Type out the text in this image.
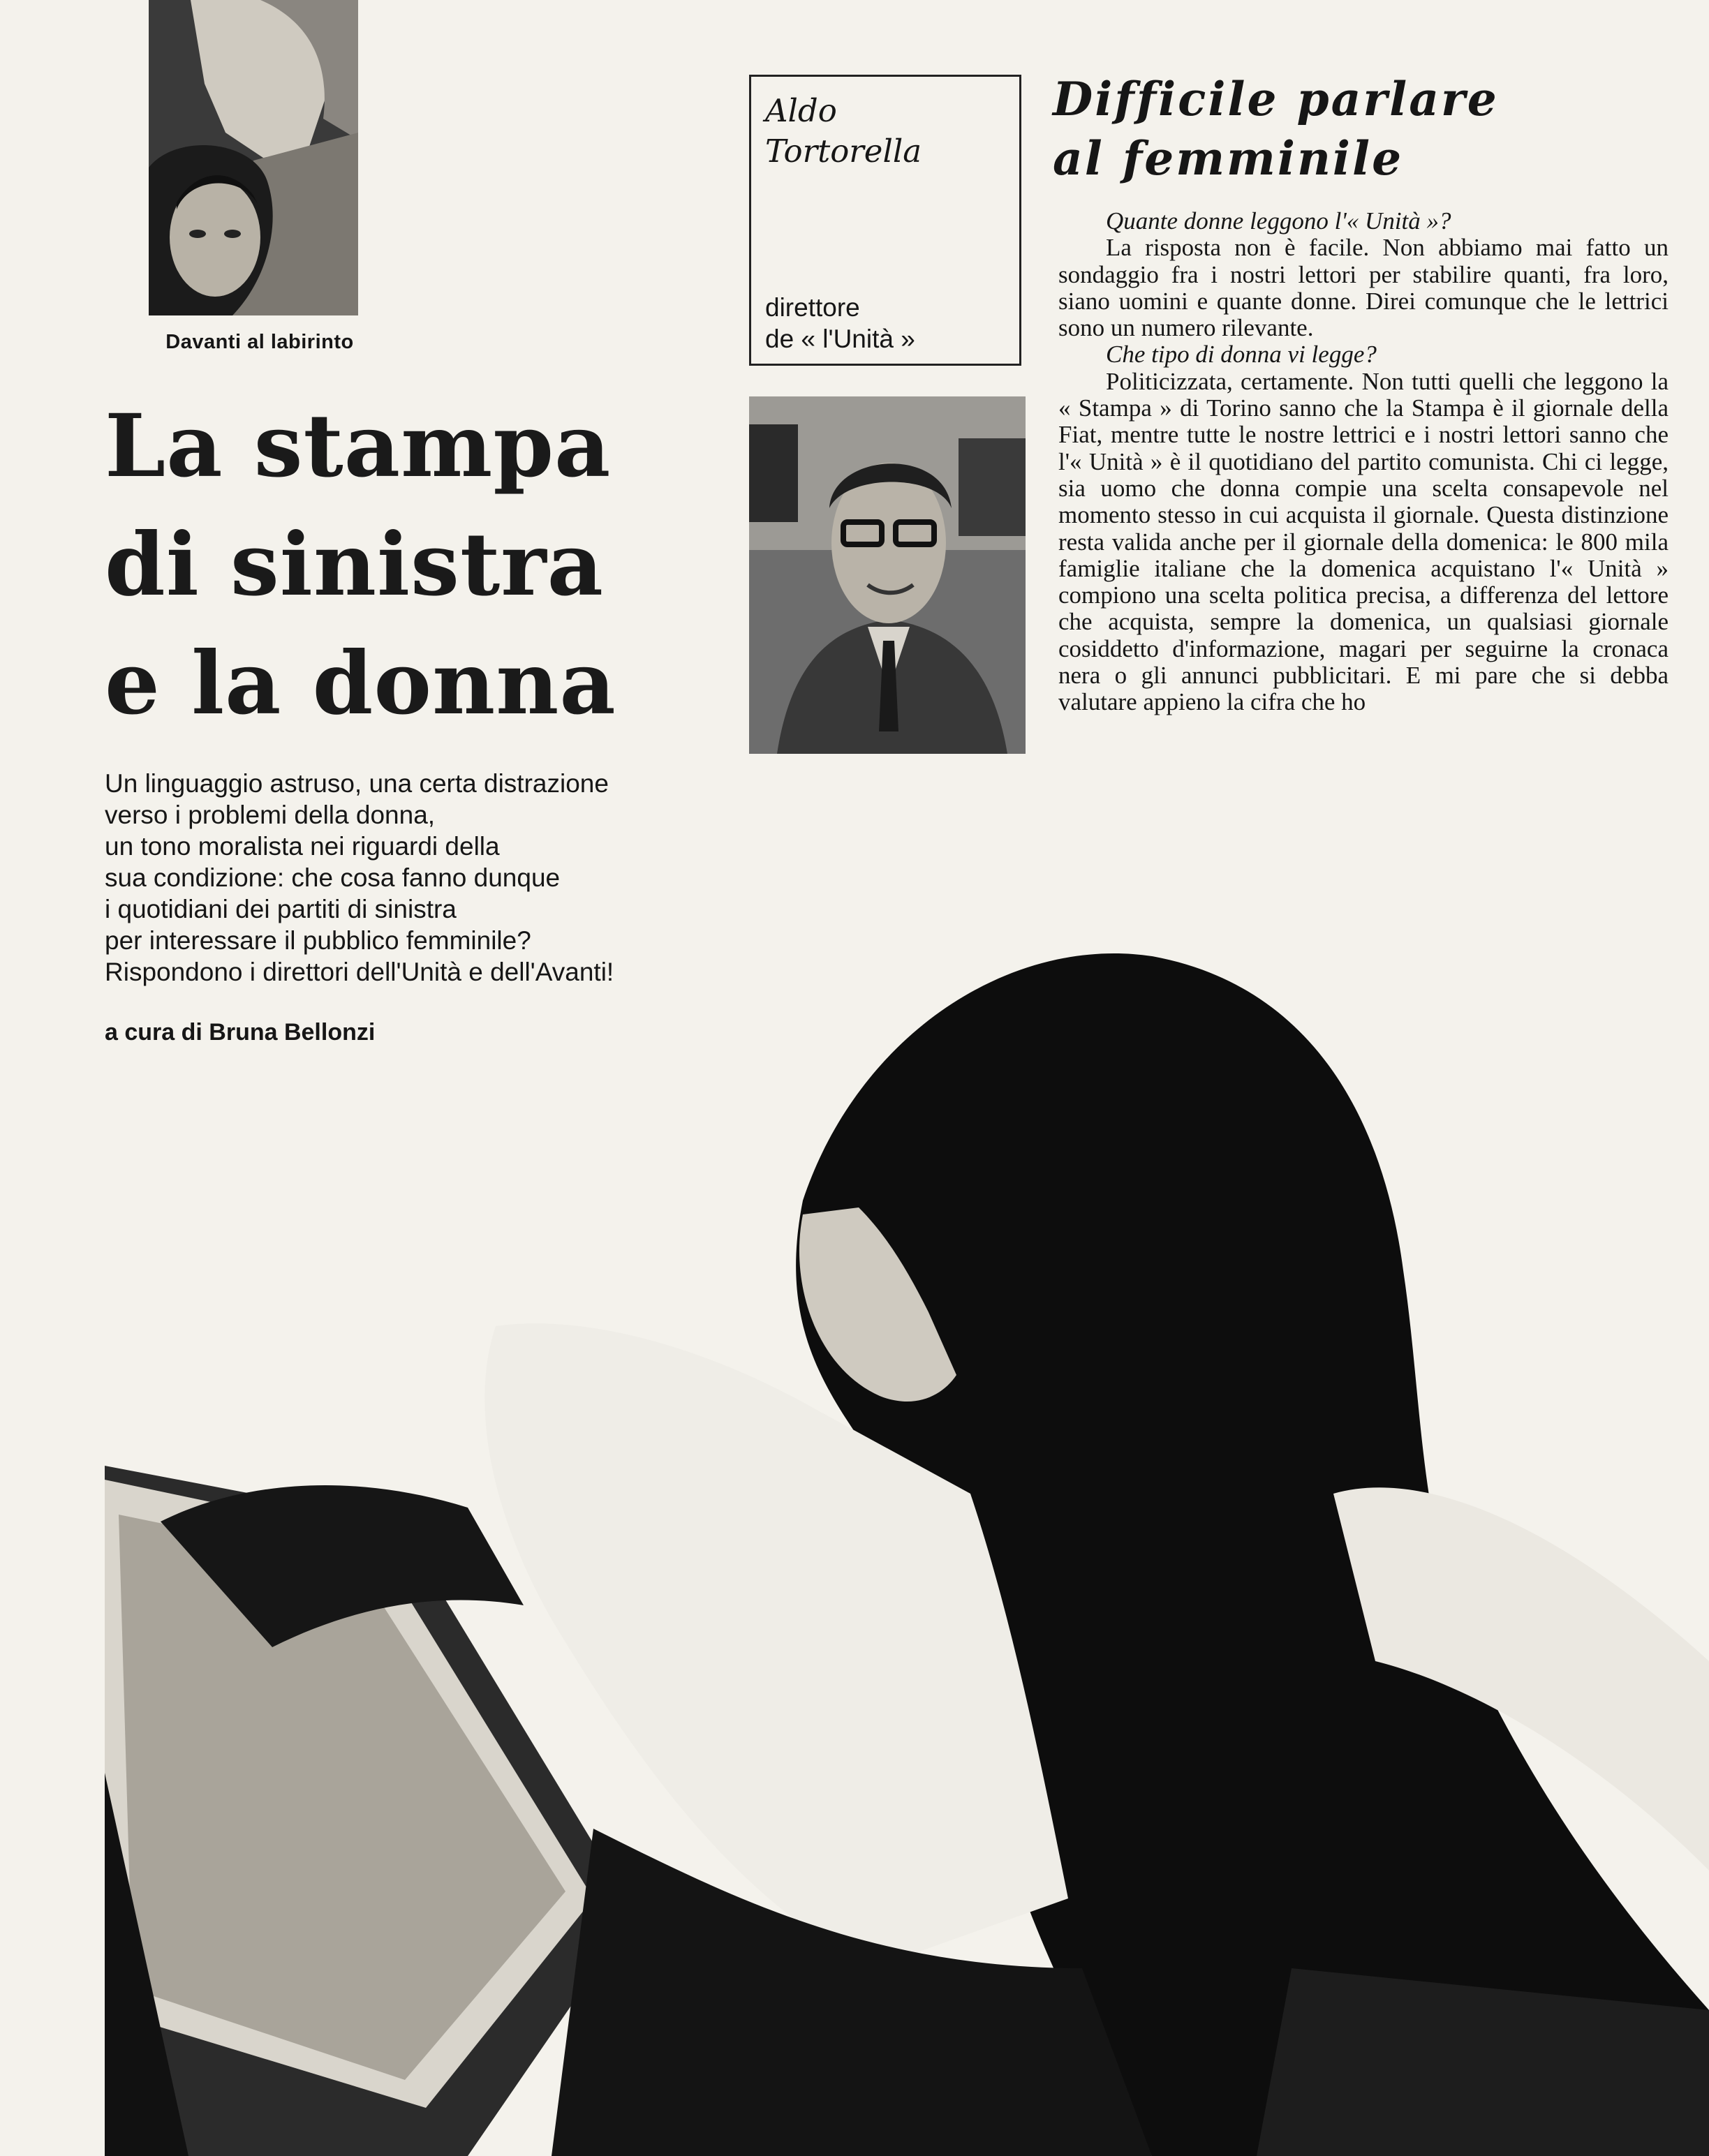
Davanti al labirinto
La stampa
di sinistra
e la donna
Un linguaggio astruso, una certa distrazione
verso i problemi della donna,
un tono moralista nei riguardi della
sua condizione: che cosa fanno dunque
i quotidiani dei partiti di sinistra
per interessare il pubblico femminile?
Rispondono i direttori dell'Unità e dell'Avanti!
a cura di Bruna Bellonzi
Aldo
Tortorella
direttore
de « l'Unità »
Difficile parlare
al femminile

Quante donne leggono l'« Unità »?

La risposta non è facile. Non abbiamo mai fatto un sondaggio fra i nostri lettori per stabilire quanti, fra loro, siano uomini e quante donne. Direi comunque che le lettrici sono un numero rilevante.

Che tipo di donna vi legge?

Politicizzata, certamente. Non tutti quelli che leggono la « Stampa » di Torino sanno che la Stampa è il giornale della Fiat, mentre tutte le nostre lettrici e i nostri lettori sanno che l'« Unità » è il quotidiano del partito comunista. Chi ci legge, sia uomo che donna compie una scelta consapevole nel momento stesso in cui acquista il giornale. Questa distinzione resta valida anche per il giornale della domenica: le 800 mila famiglie italiane che la domenica acquistano l'« Unità » compiono una scelta politica precisa, a differenza del lettore che acquista, sempre la domenica, un qualsiasi giornale cosiddetto d'informazione, magari per seguirne la cronaca nera o gli annunci pubblicitari. E mi pare che si debba valutare appieno la cifra che ho
